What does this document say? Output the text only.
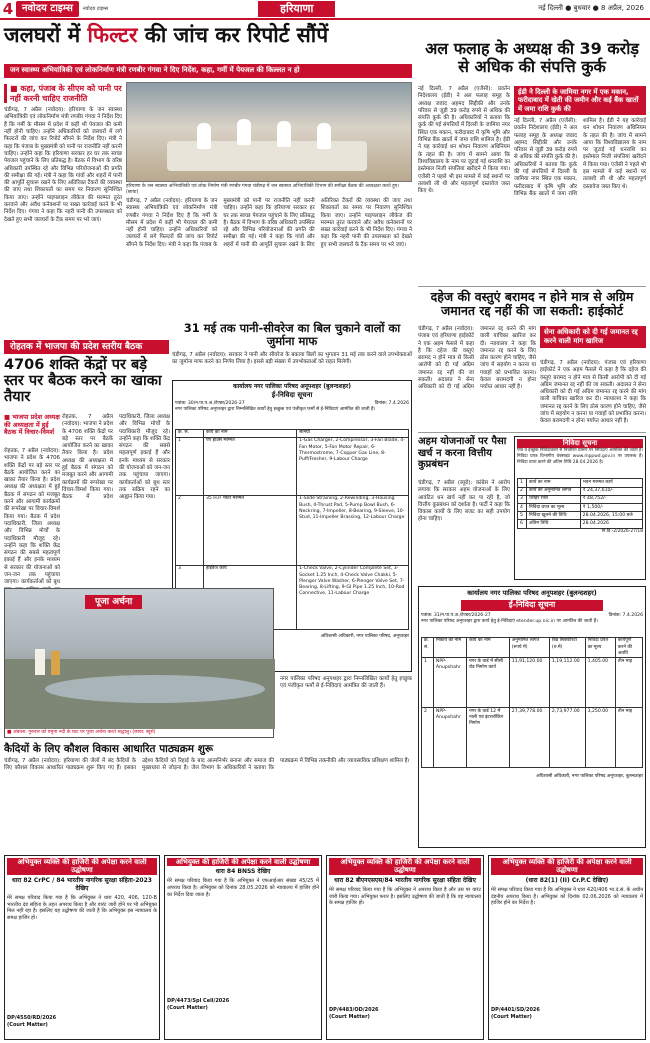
4 नवोदय टाइम्स	नवोदय टाइम्स	हरियाणा	नई दिल्ली ● बुधवार ● 8 अप्रैल, 2026
जलघरों में फिल्टर की जांच कर रिपोर्ट सौंपें
जन स्वास्थ्य अभियांत्रिकी एवं लोकनिर्माण मंत्री रणबीर गंगवा ने दिए निर्देश, कहा, गर्मी में पेयजल की किल्लत न हो
■ कहा, पंजाब के सीएम को पानी पर नहीं करनी चाहिए राजनीति
चंडीगढ़, 7 अप्रैल (नवोदय): हरियाणा के जन स्वास्थ्य अभियांत्रिकी एवं लोकनिर्माण मंत्री रणबीर गंगवा ने निर्देश दिए हैं कि गर्मी के मौसम में प्रदेश में कहीं भी पेयजल की कमी नहीं होनी चाहिए। उन्होंने अधिकारियों को जलघरों में लगे फिल्टरों की जांच कर रिपोर्ट सौंपने के निर्देश दिए। मंत्री ने कहा कि पंजाब के मुख्यमंत्री को पानी पर राजनीति नहीं करनी चाहिए। उन्होंने कहा कि हरियाणा सरकार हर घर तक स्वच्छ पेयजल पहुंचाने के लिए प्रतिबद्ध है। बैठक में विभाग के वरिष्ठ अधिकारी उपस्थित रहे और विभिन्न परियोजनाओं की प्रगति की समीक्षा की गई। मंत्री ने कहा कि गांवों और शहरों में पानी की आपूर्ति सुचारू रखने के लिए अतिरिक्त टैंकरों की व्यवस्था की जाए तथा शिकायतों का समय पर निवारण सुनिश्चित किया जाए। उन्होंने पाइपलाइन लीकेज की मरम्मत तुरंत करवाने और अवैध कनेक्शनों पर सख्त कार्रवाई करने के भी निर्देश दिए। गंगवा ने कहा कि नहरी पानी की उपलब्धता को देखते हुए सभी जलघरों के टैंक समय पर भरे जाएं।
हरियाणा के जन स्वास्थ्य अभियांत्रिकी एवं लोक निर्माण मंत्री रणबीर गंगवा चंडीगढ़ में जन स्वास्थ्य अभियांत्रिकी विभाग की समीक्षा बैठक की अध्यक्षता करते हुए। (छाया)
चंडीगढ़, 7 अप्रैल (नवोदय): हरियाणा के जन स्वास्थ्य अभियांत्रिकी एवं लोकनिर्माण मंत्री रणबीर गंगवा ने निर्देश दिए हैं कि गर्मी के मौसम में प्रदेश में कहीं भी पेयजल की कमी नहीं होनी चाहिए। उन्होंने अधिकारियों को जलघरों में लगे फिल्टरों की जांच कर रिपोर्ट सौंपने के निर्देश दिए। मंत्री ने कहा कि पंजाब के मुख्यमंत्री को पानी पर राजनीति नहीं करनी चाहिए। उन्होंने कहा कि हरियाणा सरकार हर घर तक स्वच्छ पेयजल पहुंचाने के लिए प्रतिबद्ध है। बैठक में विभाग के वरिष्ठ अधिकारी उपस्थित रहे और विभिन्न परियोजनाओं की प्रगति की समीक्षा की गई। मंत्री ने कहा कि गांवों और शहरों में पानी की आपूर्ति सुचारू रखने के लिए अतिरिक्त टैंकरों की व्यवस्था की जाए तथा शिकायतों का समय पर निवारण सुनिश्चित किया जाए। उन्होंने पाइपलाइन लीकेज की मरम्मत तुरंत करवाने और अवैध कनेक्शनों पर सख्त कार्रवाई करने के भी निर्देश दिए। गंगवा ने कहा कि नहरी पानी की उपलब्धता को देखते हुए सभी जलघरों के टैंक समय पर भरे जाएं।
अल फलाह के अध्यक्ष की 39 करोड़ से अधिक की संपत्ति कुर्क
नई दिल्ली, 7 अप्रैल (एजेंसी): प्रवर्तन निदेशालय (ईडी) ने अल फलाह समूह के अध्यक्ष जवाद अहमद सिद्दीकी और उनके परिवार से जुड़ी 39 करोड़ रुपये से अधिक की संपत्ति कुर्क की है। अधिकारियों ने बताया कि कुर्क की गई संपत्तियों में दिल्ली के जामिया नगर स्थित एक मकान, फरीदाबाद में कृषि भूमि और विभिन्न बैंक खातों में जमा राशि शामिल है। ईडी ने यह कार्रवाई धन शोधन निवारण अधिनियम के तहत की है। जांच में सामने आया कि विश्वविद्यालय के नाम पर जुटाई गई धनराशि का इस्तेमाल निजी संपत्तियां खरीदने में किया गया। एजेंसी ने पहले भी इस मामले में कई स्थानों पर तलाशी ली थी और महत्वपूर्ण दस्तावेज जब्त किए थे।
ईडी ने दिल्ली के जामिया नगर में एक मकान, फरीदाबाद में खेती की जमीन और कई बैंक खातों में जमा राशि कुर्क की
नई दिल्ली, 7 अप्रैल (एजेंसी): प्रवर्तन निदेशालय (ईडी) ने अल फलाह समूह के अध्यक्ष जवाद अहमद सिद्दीकी और उनके परिवार से जुड़ी 39 करोड़ रुपये से अधिक की संपत्ति कुर्क की है। अधिकारियों ने बताया कि कुर्क की गई संपत्तियों में दिल्ली के जामिया नगर स्थित एक मकान, फरीदाबाद में कृषि भूमि और विभिन्न बैंक खातों में जमा राशि शामिल है। ईडी ने यह कार्रवाई धन शोधन निवारण अधिनियम के तहत की है। जांच में सामने आया कि विश्वविद्यालय के नाम पर जुटाई गई धनराशि का इस्तेमाल निजी संपत्तियां खरीदने में किया गया। एजेंसी ने पहले भी इस मामले में कई स्थानों पर तलाशी ली थी और महत्वपूर्ण दस्तावेज जब्त किए थे।
दहेज की वस्तुएं बरामद न होने मात्र से अग्रिम जमानत रद्द नहीं की जा सकती: हाईकोर्ट
चंडीगढ़, 7 अप्रैल (नवोदय): पंजाब एवं हरियाणा हाईकोर्ट ने एक अहम फैसले में कहा है कि दहेज की वस्तुएं बरामद न होने मात्र से किसी आरोपी को दी गई अग्रिम जमानत रद्द नहीं की जा सकती। अदालत ने सेना अधिकारी को दी गई अग्रिम जमानत रद्द करने की मांग वाली याचिका खारिज कर दी। न्यायालय ने कहा कि जमानत रद्द करने के लिए ठोस कारण होने चाहिए, जैसे जांच में सहयोग न करना या गवाहों को प्रभावित करना। केवल बरामदगी न होना पर्याप्त आधार नहीं है।
सेना अधिकारी को दी गई जमानत रद्द करने वाली मांग खारिज
चंडीगढ़, 7 अप्रैल (नवोदय): पंजाब एवं हरियाणा हाईकोर्ट ने एक अहम फैसले में कहा है कि दहेज की वस्तुएं बरामद न होने मात्र से किसी आरोपी को दी गई अग्रिम जमानत रद्द नहीं की जा सकती। अदालत ने सेना अधिकारी को दी गई अग्रिम जमानत रद्द करने की मांग वाली याचिका खारिज कर दी। न्यायालय ने कहा कि जमानत रद्द करने के लिए ठोस कारण होने चाहिए, जैसे जांच में सहयोग न करना या गवाहों को प्रभावित करना। केवल बरामदगी न होना पर्याप्त आधार नहीं है।
31 मई तक पानी-सीवरेज का बिल चुकाने वालों का जुर्माना माफ
चंडीगढ़, 7 अप्रैल (नवोदय): सरकार ने पानी और सीवरेज के बकाया बिलों का भुगतान 31 मई तक करने वाले उपभोक्ताओं का जुर्माना माफ करने का निर्णय लिया है। इससे बड़ी संख्या में उपभोक्ताओं को राहत मिलेगी।
रोहतक में भाजपा की प्रदेश स्तरीय बैठक
4706 शक्ति केंद्रों पर बड़े स्तर पर बैठक करने का खाका तैयार
■ भाजपा प्रदेश अध्यक्ष की अध्यक्षता में हुई बैठक में विचार-विमर्श
रोहतक, 7 अप्रैल (नवोदय): भाजपा ने प्रदेश के 4706 शक्ति केंद्रों पर बड़े स्तर पर बैठकें आयोजित करने का खाका तैयार किया है। प्रदेश अध्यक्ष की अध्यक्षता में हुई बैठक में संगठन को मजबूत करने और आगामी कार्यक्रमों की रूपरेखा पर विचार-विमर्श किया गया। बैठक में प्रदेश पदाधिकारी, जिला अध्यक्ष और विभिन्न मोर्चों के पदाधिकारी मौजूद रहे। उन्होंने कहा कि शक्ति केंद्र संगठन की सबसे महत्वपूर्ण इकाई हैं और इनके माध्यम से सरकार की योजनाओं को जन-जन तक पहुंचाया जाएगा। कार्यकर्ताओं को बूथ
रोहतक, 7 अप्रैल (नवोदय): भाजपा ने प्रदेश के 4706 शक्ति केंद्रों पर बड़े स्तर पर बैठकें आयोजित करने का खाका तैयार किया है। प्रदेश अध्यक्ष की अध्यक्षता में हुई बैठक में संगठन को मजबूत करने और आगामी कार्यक्रमों की रूपरेखा पर विचार-विमर्श किया गया। बैठक में प्रदेश पदाधिकारी, जिला अध्यक्ष और विभिन्न मोर्चों के पदाधिकारी मौजूद रहे। उन्होंने कहा कि शक्ति केंद्र संगठन की सबसे महत्वपूर्ण इकाई हैं और इनके माध्यम से सरकार की योजनाओं को जन-जन तक पहुंचाया जाएगा। कार्यकर्ताओं को बूथ स्तर तक सक्रिय रहने का आह्वान किया गया।
कार्यालय नगर पालिका परिषद अनूपशहर (बुलन्दशहर)
ई-निविदा सूचना
पत्रांक: 30/न.पा.प.अ./टेण्डर/2026-27	दिनांक: 7.4.2026
नगर पालिका परिषद अनूपशहर द्वारा निम्नलिखित कार्यों हेतु इच्छुक एवं पंजीकृत फर्मों से ई-निविदाएं आमंत्रित की जाती हैं।
क्र. सं.	कार्य का नाम	सामग्री
1	पंप हाउस मरम्मत	1-Gas Charger, 2-Compressor, 3-Fan Blade, 4-Fan Motor, 5-Fan Motor Repair, 6-Thermostrome, 7-Copper Gas Line, 8-Puff/Fresher, 9-Labour Charge
2	35 H.P. मोटर मरम्मत	1-Slide Straining, 2-Rewinding, 3-Housing Bush, 4-Thrust Pad, 5-Pump Bowl Bush, 6-Neckring, 7-Impeller, 8-Bearing, 9-Sleeve, 10-Stud, 11-Impeller Brassing, 12-Labour Charge
3	हाईवेज कार्य	1-Check Valve, 2-Cylinder Complete Set, 3-Socket 1.25 Inch, 4-Check Valve Chakki, 5-Plenger Valve Washer, 6-Plenger Valve Set, 7-Bearing, 8-Lifting, 9-GI Pipe 1.25 Inch, 10-Rod Connective, 11-Labour Charge
अधिशासी अधिकारी, नगर पालिका परिषद, अनूपशहर
अहम योजनाओं पर पैसा खर्च न करना वित्तीय कुप्रबंधन
चंडीगढ़, 7 अप्रैल (ब्यूरो): कांग्रेस ने आरोप लगाया कि सरकार अहम योजनाओं के लिए आवंटित धन खर्च नहीं कर पा रही है, जो वित्तीय कुप्रबंधन को दर्शाता है। पार्टी ने कहा कि विकास कार्यों के लिए बजट का सही उपयोग होना चाहिए।
निविदा सूचना
पात्र व इच्छुक निविदाकारों से निर्धारित प्रारूप पर निविदाएं आमंत्रित की जाती हैं। निविदा प्रपत्र विभागीय वेबसाइट www.mppwd.gov.in पर उपलब्ध हैं। निविदा प्राप्त करने की अंतिम तिथि 28.04.2026 है।
1	कार्य का नाम	भवन मरम्मत कार्य
2	कार्य की अनुमानित लागत	₹ 24,37,610/-
3	धरोहर राशि	₹ 48,752/-
4	निविदा प्रपत्र का मूल्य	₹ 1,500/-
5	निविदा खुलने की तिथि	28.04.2026, 15:00 बजे
6	अंतिम तिथि	28.04.2026
नि.वि.-2/2026-27/18
कार्यालय नगर पालिका परिषद अनूपशहर (बुलन्दशहर)
ई-निविदा सूचना
पत्रांक: 31/न.पा.प.अ./टेण्डर/2026-27	दिनांक: 7.4.2026
नगर पालिका परिषद अनूपशहर द्वारा कार्य हेतु ई-निविदाएं etender.up.nic.in पर आमंत्रित की जाती हैं।
क्र. सं.	निकाय का नाम	कार्य का नाम	अनुमानित लागत (रुपये में)	बिड सिक्योरिटी (रु.में)	निविदा प्रपत्र का मूल्य	कार्यपूर्ण करने की अवधि
1	NPP-Anupshahr	नगर के वार्ड में सीसी रोड निर्माण कार्य	11,91,120.00	1,19,112.00	1,405.00	तीन माह
2	NPP-Anupshahr	नगर के वार्ड 12 में नाली एवं इंटरलॉकिंग निर्माण	27,39,778.00	2,73,977.00	3,250.00	तीन माह
अधिशासी अधिकारी, नगर पालिका परिषद अनूपशहर, बुलन्दशहर
पूजा अर्चना
■ अंबाला: गुरुवार को यमुना नदी के घाट पर पूजा अर्चना करते श्रद्धालु। (छाया: ब्यूरो)
कैदियों के लिए कौशल विकास आधारित पाठ्यक्रम शुरू
चंडीगढ़, 7 अप्रैल (नवोदय): हरियाणा की जेलों में बंद कैदियों के लिए कौशल विकास आधारित पाठ्यक्रम शुरू किए गए हैं। इसका उद्देश्य कैदियों को रिहाई के बाद आत्मनिर्भर बनाना और समाज की मुख्यधारा से जोड़ना है। जेल विभाग के अधिकारियों ने बताया कि पाठ्यक्रम में विभिन्न तकनीकी और व्यावसायिक प्रशिक्षण शामिल हैं।
नगर पालिका परिषद अनूपशहर द्वारा निम्नलिखित कार्यों हेतु इच्छुक एवं पंजीकृत फर्मों से ई-निविदाएं आमंत्रित की जाती हैं।
अभियुक्त व्यक्ति की हाजिरी की अपेक्षा करने वाली उद्घोषणा
धारा 82 CrPC / 84 भारतीय नागरिक सुरक्षा संहिता-2023 देखिए
मेरे समक्ष परिवाद किया गया है कि अभियुक्त ने धारा 420, 406, 120-B भारतीय दंड संहिता के तहत अपराध किया है और वारंट जारी होने पर भी अभियुक्त मिल नहीं रहा है। इसलिए यह उद्घोषणा की जाती है कि अभियुक्त इस न्यायालय के समक्ष हाजिर हो।
DP/4550/RD/2026
(Court Matter)
अभियुक्त की हाजिरी की अपेक्षा करने वाली उद्घोषणा
धारा 84 BNSS देखिए
मेरे समक्ष परिवाद किया गया है कि अभियुक्त ने एफआईआर संख्या 45/25 में अपराध किया है। अभियुक्त को दिनांक 28.05.2026 को न्यायालय में हाजिर होने का निर्देश दिया जाता है।
DP/4473/Spl Cell/2026
(Court Matter)
अभियुक्त व्यक्ति की हाजिरी की अपेक्षा करने वाली उद्घोषणा
धारा 82 बीएनएसएस/84 भारतीय नागरिक सुरक्षा संहिता देखिए
मेरे समक्ष परिवाद किया गया है कि अभियुक्त ने अपराध किया है और उस पर वारंट जारी किया गया। अभियुक्त फरार है। इसलिए उद्घोषणा की जाती है कि वह न्यायालय के समक्ष हाजिर हो।
DP/4483/OD/2026
(Court Matter)
अभियुक्त व्यक्ति की हाजिरी की अपेक्षा करने वाली उद्घोषणा
(धारा 82(1) (II) Cr.P.C देखिए)
मेरे समक्ष परिवाद किया गया है कि अभियुक्त ने धारा 420/406 भा.दं.सं. के अधीन दंडनीय अपराध किया है। अभियुक्त को दिनांक 02.06.2026 को न्यायालय में हाजिर होने का निर्देश है।
DP/4401/SD/2026
(Court Matter)
